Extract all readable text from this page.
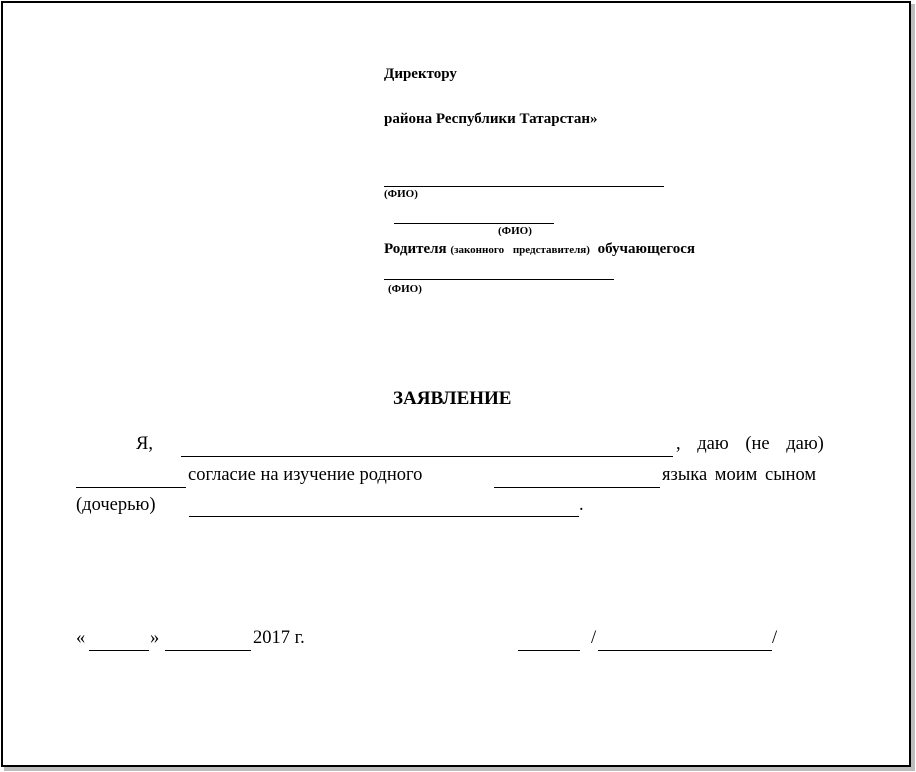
Директору
района Республики Татарстан»
(ФИО)
(ФИО)
Родителя (законного представителя) обучающегося
(ФИО)
ЗАЯВЛЕНИЕ
Я,	, даю (не даю)
согласие на изучение родного	языка моим сыном
(дочерью)	.
«	»	2017 г.	/	/
